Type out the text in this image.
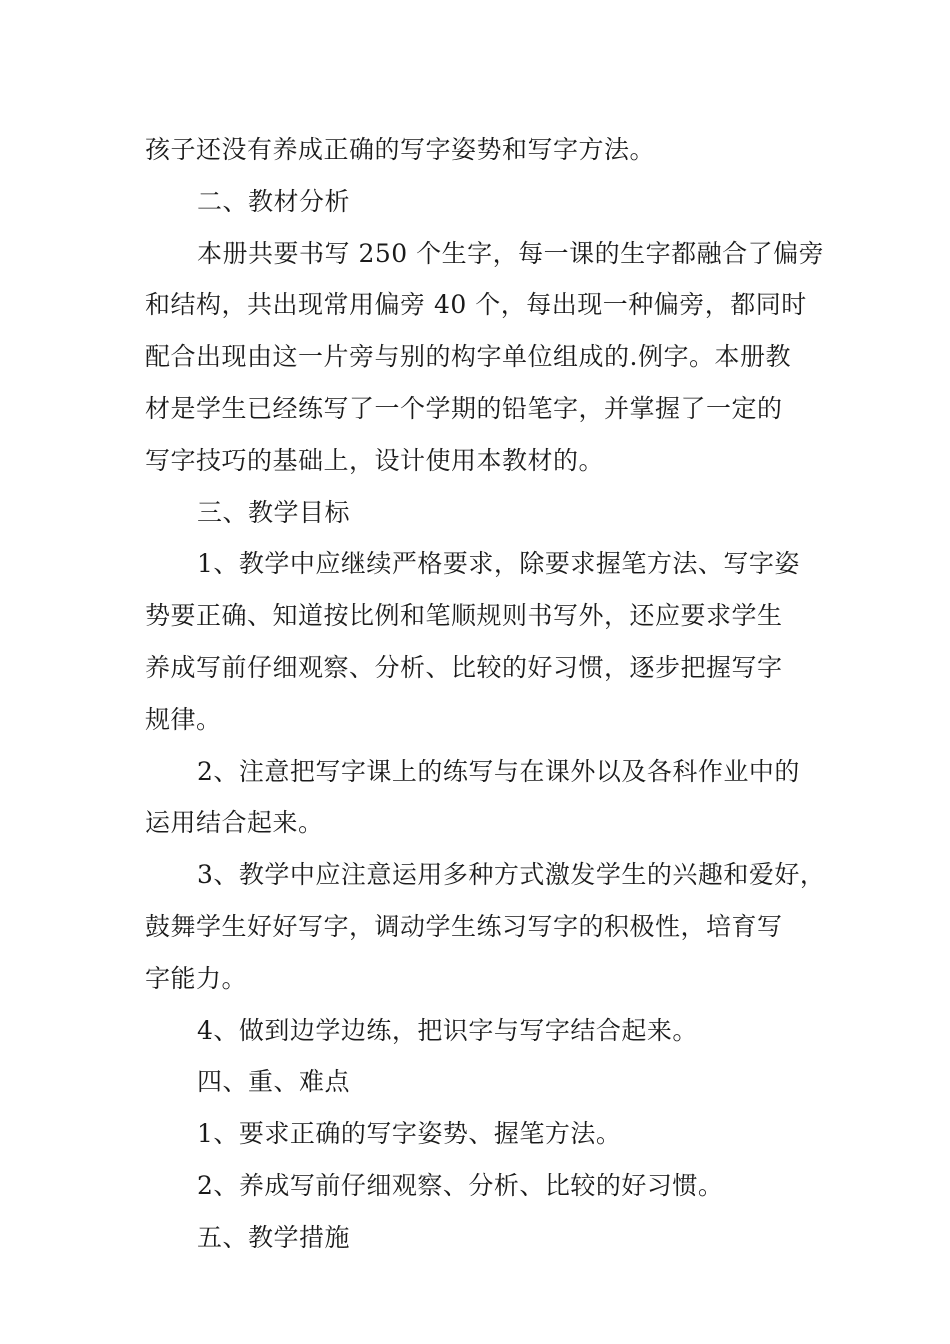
孩子还没有养成正确的写字姿势和写字方法。
二、教材分析
本册共要书写 250 个生字，每一课的生字都融合了偏旁
和结构，共出现常用偏旁 40 个，每出现一种偏旁，都同时
配合出现由这一片旁与别的构字单位组成的.例字。本册教
材是学生已经练写了一个学期的铅笔字，并掌握了一定的
写字技巧的基础上，设计使用本教材的。
三、教学目标
1、教学中应继续严格要求，除要求握笔方法、写字姿
势要正确、知道按比例和笔顺规则书写外，还应要求学生
养成写前仔细观察、分析、比较的好习惯，逐步把握写字
规律。
2、注意把写字课上的练写与在课外以及各科作业中的
运用结合起来。
3、教学中应注意运用多种方式激发学生的兴趣和爱好，
鼓舞学生好好写字，调动学生练习写字的积极性，培育写
字能力。
4、做到边学边练，把识字与写字结合起来。
四、重、难点
1、要求正确的写字姿势、握笔方法。
2、养成写前仔细观察、分析、比较的好习惯。
五、教学措施
